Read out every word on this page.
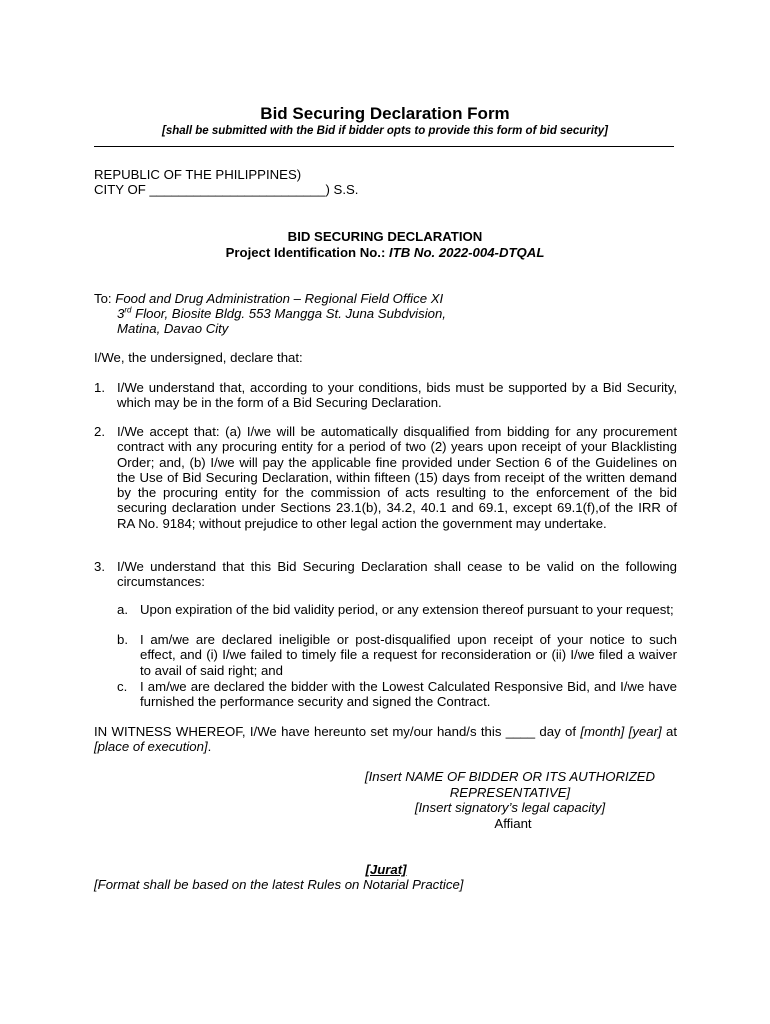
Bid Securing Declaration Form
[shall be submitted with the Bid if bidder opts to provide this form of bid security]
REPUBLIC OF THE PHILIPPINES)
CITY OF ________________________) S.S.
BID SECURING DECLARATION
Project Identification No.: ITB No. 2022-004-DTQAL
To: Food and Drug Administration – Regional Field Office XI
3rd Floor, Biosite Bldg. 553 Mangga St. Juna Subdvision,
Matina, Davao City
I/We, the undersigned, declare that:
1. I/We understand that, according to your conditions, bids must be supported by a Bid Security, which may be in the form of a Bid Securing Declaration.
2. I/We accept that: (a) I/we will be automatically disqualified from bidding for any procurement contract with any procuring entity for a period of two (2) years upon receipt of your Blacklisting Order; and, (b) I/we will pay the applicable fine provided under Section 6 of the Guidelines on the Use of Bid Securing Declaration, within fifteen (15) days from receipt of the written demand by the procuring entity for the commission of acts resulting to the enforcement of the bid securing declaration under Sections 23.1(b), 34.2, 40.1 and 69.1, except 69.1(f),of the IRR of RA No. 9184; without prejudice to other legal action the government may undertake.
3. I/We understand that this Bid Securing Declaration shall cease to be valid on the following circumstances:
a. Upon expiration of the bid validity period, or any extension thereof pursuant to your request;
b. I am/we are declared ineligible or post-disqualified upon receipt of your notice to such effect, and (i) I/we failed to timely file a request for reconsideration or (ii) I/we filed a waiver to avail of said right; and
c. I am/we are declared the bidder with the Lowest Calculated Responsive Bid, and I/we have furnished the performance security and signed the Contract.
IN WITNESS WHEREOF, I/We have hereunto set my/our hand/s this ____ day of [month] [year] at [place of execution].
[Insert NAME OF BIDDER OR ITS AUTHORIZED
REPRESENTATIVE]
[Insert signatory’s legal capacity]
Affiant
[Jurat]
[Format shall be based on the latest Rules on Notarial Practice]
